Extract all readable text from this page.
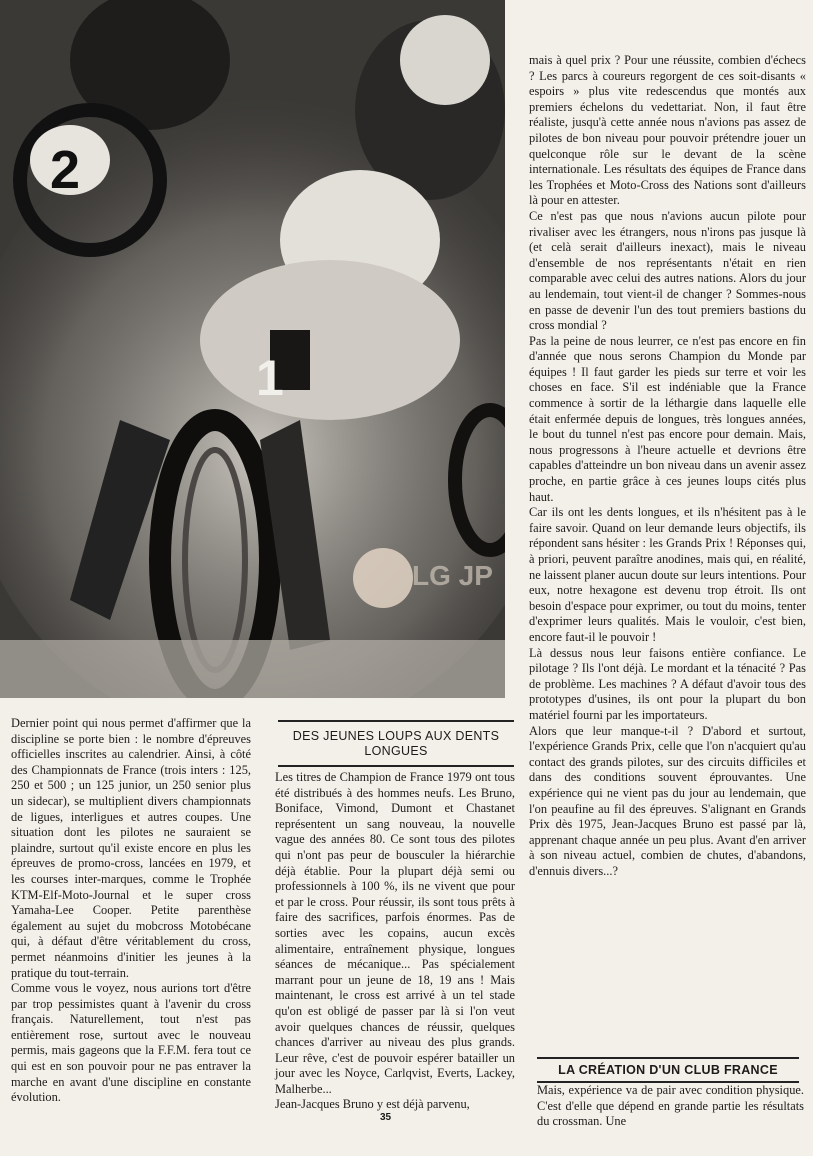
LG JP
2
1

mais à quel prix ? Pour une réussite, combien d'échecs ? Les parcs à coureurs regorgent de ces soit-disants « espoirs » plus vite redescendus que montés aux premiers échelons du vedettariat. Non, il faut être réaliste, jusqu'à cette année nous n'avions pas assez de pilotes de bon niveau pour pouvoir prétendre jouer un quelconque rôle sur le devant de la scène internationale. Les résultats des équipes de France dans les Trophées et Moto-Cross des Nations sont d'ailleurs là pour en attester.

Ce n'est pas que nous n'avions aucun pilote pour rivaliser avec les étrangers, nous n'irons pas jusque là (et celà serait d'ailleurs inexact), mais le niveau d'ensemble de nos représentants n'était en rien comparable avec celui des autres nations. Alors du jour au lendemain, tout vient-il de changer ? Sommes-nous en passe de devenir l'un des tout premiers bastions du cross mondial ?

Pas la peine de nous leurrer, ce n'est pas encore en fin d'année que nous serons Champion du Monde par équipes ! Il faut garder les pieds sur terre et voir les choses en face. S'il est indéniable que la France commence à sortir de la léthargie dans laquelle elle était enfermée depuis de longues, très longues années, le bout du tunnel n'est pas encore pour demain. Mais, nous progressons à l'heure actuelle et devrions être capables d'atteindre un bon niveau dans un avenir assez proche, en partie grâce à ces jeunes loups cités plus haut.

Car ils ont les dents longues, et ils n'hésitent pas à le faire savoir. Quand on leur demande leurs objectifs, ils répondent sans hésiter : les Grands Prix ! Réponses qui, à priori, peuvent paraître anodines, mais qui, en réalité, ne laissent planer aucun doute sur leurs intentions. Pour eux, notre hexagone est devenu trop étroit. Ils ont besoin d'espace pour exprimer, ou tout du moins, tenter d'exprimer leurs qualités. Mais le vouloir, c'est bien, encore faut-il le pouvoir !

Là dessus nous leur faisons entière confiance. Le pilotage ? Ils l'ont déjà. Le mordant et la ténacité ? Pas de problème. Les machines ? A défaut d'avoir tous des prototypes d'usines, ils ont pour la plupart du bon matériel fourni par les importateurs.

Alors que leur manque-t-il ? D'abord et surtout, l'expérience Grands Prix, celle que l'on n'acquiert qu'au contact des grands pilotes, sur des circuits difficiles et dans des conditions souvent éprouvantes. Une expérience qui ne vient pas du jour au lendemain, que l'on peaufine au fil des épreuves. S'alignant en Grands Prix dès 1975, Jean-Jacques Bruno est passé par là, apprenant chaque année un peu plus. Avant d'en arriver à son niveau actuel, combien de chutes, d'abandons, d'ennuis divers...?

Dernier point qui nous permet d'affirmer que la discipline se porte bien : le nombre d'épreuves officielles inscrites au calendrier. Ainsi, à côté des Championnats de France (trois inters : 125, 250 et 500 ; un 125 junior, un 250 senior plus un sidecar), se multiplient divers championnats de ligues, interligues et autres coupes. Une situation dont les pilotes ne sauraient se plaindre, surtout qu'il existe encore en plus les épreuves de promo-cross, lancées en 1979, et les courses inter-marques, comme le Trophée KTM-Elf-Moto-Journal et le super cross Yamaha-Lee Cooper. Petite parenthèse également au sujet du mobcross Motobécane qui, à défaut d'être véritablement du cross, permet néanmoins d'initier les jeunes à la pratique du tout-terrain.

Comme vous le voyez, nous aurions tort d'être par trop pessimistes quant à l'avenir du cross français. Naturellement, tout n'est pas entièrement rose, surtout avec le nouveau permis, mais gageons que la F.F.M. fera tout ce qui est en son pouvoir pour ne pas entraver la marche en avant d'une discipline en constante évolution.

DES JEUNES LOUPS AUX DENTS LONGUES

Les titres de Champion de France 1979 ont tous été distribués à des hommes neufs. Les Bruno, Boniface, Vimond, Dumont et Chastanet représentent un sang nouveau, la nouvelle vague des années 80. Ce sont tous des pilotes qui n'ont pas peur de bousculer la hiérarchie déjà établie. Pour la plupart déjà semi ou professionnels à 100 %, ils ne vivent que pour et par le cross. Pour réussir, ils sont tous prêts à faire des sacrifices, parfois énormes. Pas de sorties avec les copains, aucun excès alimentaire, entraînement physique, longues séances de mécanique... Pas spécialement marrant pour un jeune de 18, 19 ans ! Mais maintenant, le cross est arrivé à un tel stade qu'on est obligé de passer par là si l'on veut avoir quelques chances de réussir, quelques chances d'arriver au niveau des plus grands. Leur rêve, c'est de pouvoir espérer batailler un jour avec les Noyce, Carlqvist, Everts, Lackey, Malherbe...

Jean-Jacques Bruno y est déjà parvenu,

LA CRÉATION D'UN CLUB FRANCE

Mais, expérience va de pair avec condition physique. C'est d'elle que dépend en grande partie les résultats du crossman. Une

35
